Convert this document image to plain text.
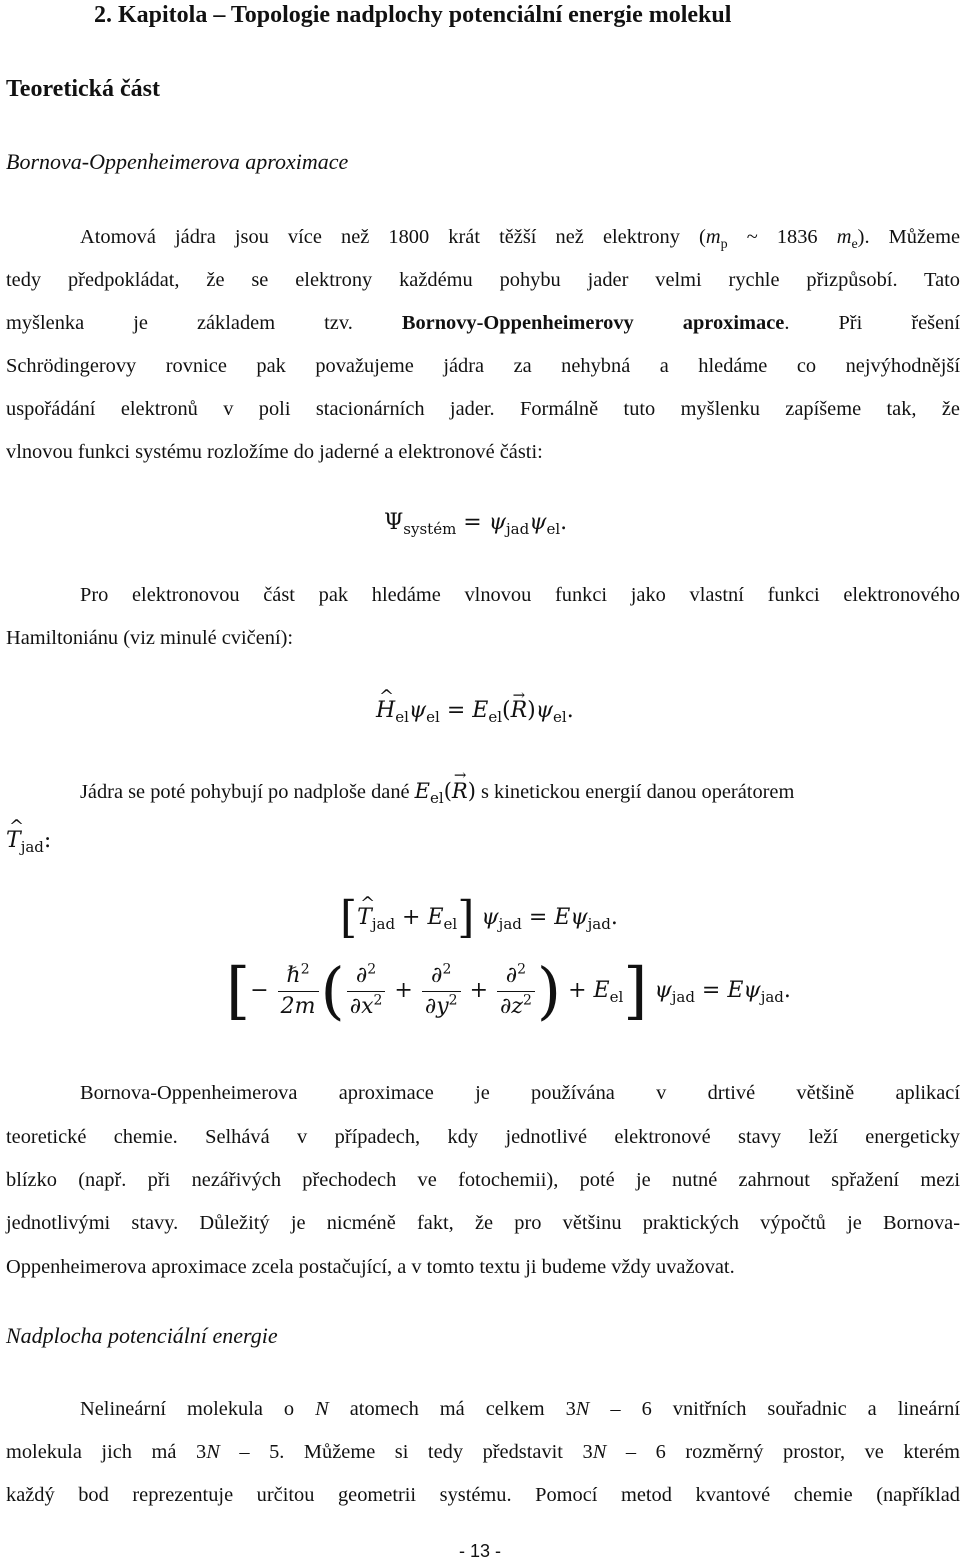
2. Kapitola – Topologie nadplochy potenciální energie molekul
Teoretická část
Bornova-Oppenheimerova aproximace
Atomová jádra jsou více než 1800 krát těžší než elektrony ($m_p$ ~ 1836 $m_e$). Můžeme
tedy předpokládat, že se elektrony každému pohybu jader velmi rychle přizpůsobí. Tato
myšlenka je základem tzv. Bornovy-Oppenheimerovy aproximace. Při řešení
Schrödingerovy rovnice pak považujeme jádra za nehybná a hledáme co nejvýhodnější
uspořádání elektronů v poli stacionárních jader. Formálně tuto myšlenku zapíšeme tak, že
vlnovou funkci systému rozložíme do jaderné a elektronové části:
$\Psi_{systém} = \psi_{jad}\psi_{el}$.
Pro elektronovou část pak hledáme vlnovou funkci jako vlastní funkci elektronového
Hamiltoniánu (viz minulé cvičení):
^ $H_{el}\psi_{el} = E_{el}(\to R)\psi_{el}$.
Jádra se poté pohybují po nadploše dané $E_{el}(\to R)$ s kinetickou energií danou operátorem
^ $T_{jad}$:
[^ $T_{jad} + E_{el}$] $\psi_{jad} = E\psi_{jad}$.
[− $\frac{\hbar^2}{2m}$ ( $\frac{\partial^2}{\partial x^2} + \frac{\partial^2}{\partial y^2} + \frac{\partial^2}{\partial z^2}$ ) + $E_{el}$] $\psi_{jad} = E\psi_{jad}$.
Bornova-Oppenheimerova aproximace je používána v drtivé většině aplikací
teoretické chemie. Selhává v případech, kdy jednotlivé elektronové stavy leží energeticky
blízko (např. při nezářivých přechodech ve fotochemii), poté je nutné zahrnout spřažení mezi
jednotlivými stavy. Důležitý je nicméně fakt, že pro většinu praktických výpočtů je Bornova-
Oppenheimerova aproximace zcela postačující, a v tomto textu ji budeme vždy uvažovat.
Nadplocha potenciální energie
Nelineární molekula o N atomech má celkem 3N – 6 vnitřních souřadnic a lineární
molekula jich má 3N – 5. Můžeme si tedy představit 3N – 6 rozměrný prostor, ve kterém
každý bod reprezentuje určitou geometrii systému. Pomocí metod kvantové chemie (například
- 13 -
